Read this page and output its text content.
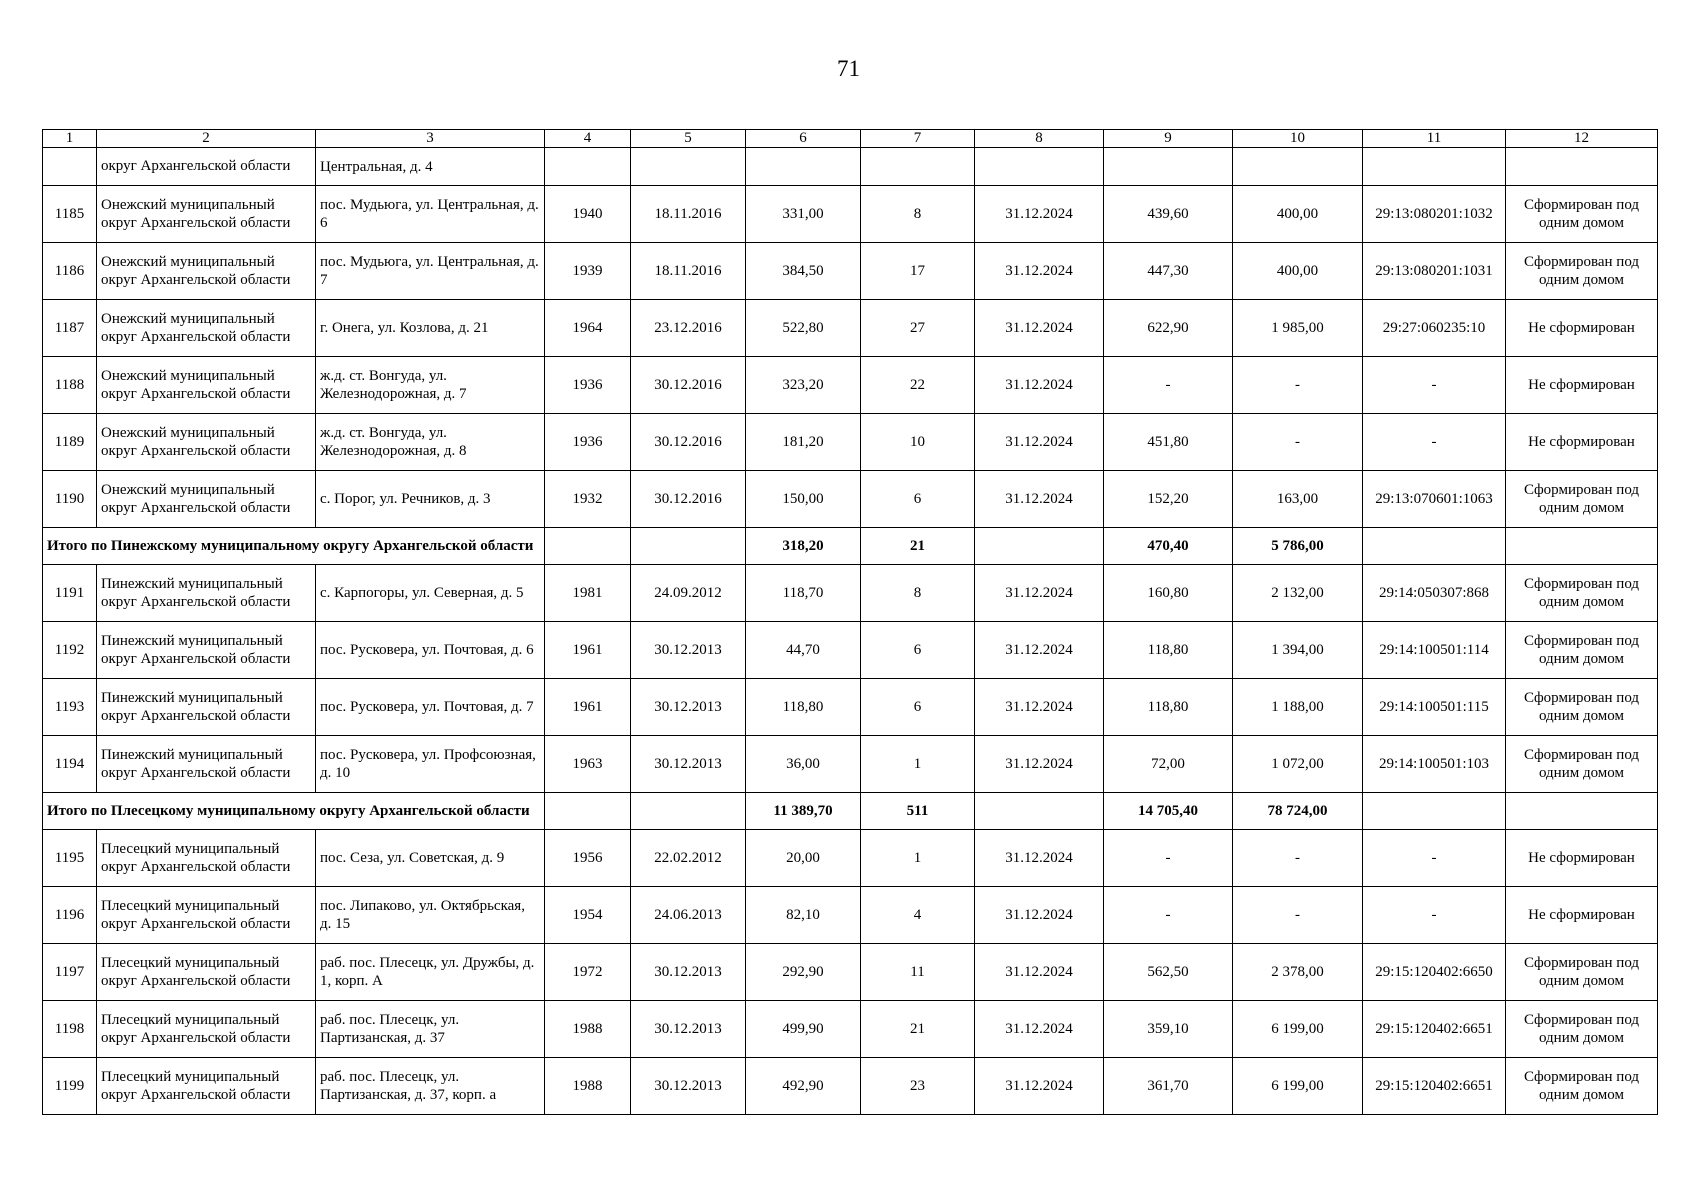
71
1	2	3	4	5	6	7	8	9	10	11	12
	округ Архангельской области	Центральная, д. 4									
1185	Онежский муниципальный округ Архангельской области	пос. Мудьюга, ул. Центральная, д. 6	1940	18.11.2016	331,00	8	31.12.2024	439,60	400,00	29:13:080201:1032	Сформирован под одним домом
1186	Онежский муниципальный округ Архангельской области	пос. Мудьюга, ул. Центральная, д. 7	1939	18.11.2016	384,50	17	31.12.2024	447,30	400,00	29:13:080201:1031	Сформирован под одним домом
1187	Онежский муниципальный округ Архангельской области	г. Онега, ул. Козлова, д. 21	1964	23.12.2016	522,80	27	31.12.2024	622,90	1 985,00	29:27:060235:10	Не сформирован
1188	Онежский муниципальный округ Архангельской области	ж.д. ст. Вонгуда, ул. Железнодорожная, д. 7	1936	30.12.2016	323,20	22	31.12.2024	-	-	-	Не сформирован
1189	Онежский муниципальный округ Архангельской области	ж.д. ст. Вонгуда, ул. Железнодорожная, д. 8	1936	30.12.2016	181,20	10	31.12.2024	451,80	-	-	Не сформирован
1190	Онежский муниципальный округ Архангельской области	с. Порог, ул. Речников, д. 3	1932	30.12.2016	150,00	6	31.12.2024	152,20	163,00	29:13:070601:1063	Сформирован под одним домом
Итого по Пинежскому муниципальному округу Архангельской области					318,20	21		470,40	5 786,00		
1191	Пинежский муниципальный округ Архангельской области	с. Карпогоры, ул. Северная, д. 5	1981	24.09.2012	118,70	8	31.12.2024	160,80	2 132,00	29:14:050307:868	Сформирован под одним домом
1192	Пинежский муниципальный округ Архангельской области	пос. Русковера, ул. Почтовая, д. 6	1961	30.12.2013	44,70	6	31.12.2024	118,80	1 394,00	29:14:100501:114	Сформирован под одним домом
1193	Пинежский муниципальный округ Архангельской области	пос. Русковера, ул. Почтовая, д. 7	1961	30.12.2013	118,80	6	31.12.2024	118,80	1 188,00	29:14:100501:115	Сформирован под одним домом
1194	Пинежский муниципальный округ Архангельской области	пос. Русковера, ул. Профсоюзная, д. 10	1963	30.12.2013	36,00	1	31.12.2024	72,00	1 072,00	29:14:100501:103	Сформирован под одним домом
Итого по Плесецкому муниципальному округу Архангельской области					11 389,70	511		14 705,40	78 724,00		
1195	Плесецкий муниципальный округ Архангельской области	пос. Сеза, ул. Советская, д. 9	1956	22.02.2012	20,00	1	31.12.2024	-	-	-	Не сформирован
1196	Плесецкий муниципальный округ Архангельской области	пос. Липаково, ул. Октябрьская, д. 15	1954	24.06.2013	82,10	4	31.12.2024	-	-	-	Не сформирован
1197	Плесецкий муниципальный округ Архангельской области	раб. пос. Плесецк, ул. Дружбы, д. 1, корп. А	1972	30.12.2013	292,90	11	31.12.2024	562,50	2 378,00	29:15:120402:6650	Сформирован под одним домом
1198	Плесецкий муниципальный округ Архангельской области	раб. пос. Плесецк, ул. Партизанская, д. 37	1988	30.12.2013	499,90	21	31.12.2024	359,10	6 199,00	29:15:120402:6651	Сформирован под одним домом
1199	Плесецкий муниципальный округ Архангельской области	раб. пос. Плесецк, ул. Партизанская, д. 37, корп. а	1988	30.12.2013	492,90	23	31.12.2024	361,70	6 199,00	29:15:120402:6651	Сформирован под одним домом
